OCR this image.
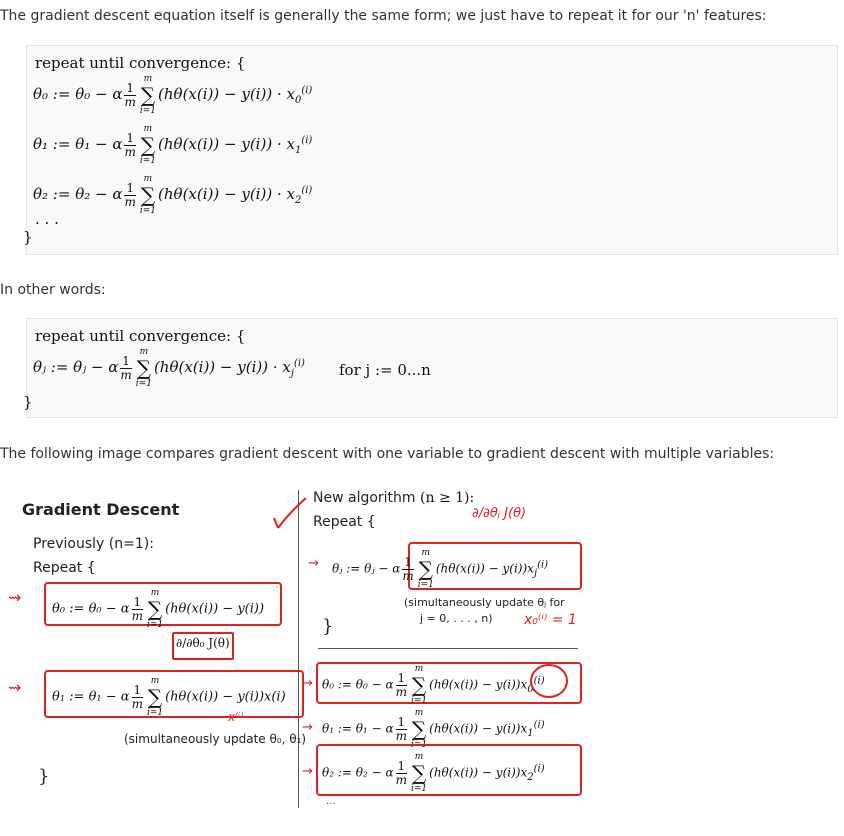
The gradient descent equation itself is generally the same form; we just have to repeat it for our 'n' features:
repeat until convergence: {
θ₀ := θ₀ − α $\frac{1}{m}$
m
∑
i=1
$(h\theta(x(i)) - y(i)) \cdot x_0^{(i)}$
θ₁ := θ₁ − α $\frac{1}{m}$
m
∑
i=1
$(h\theta(x(i)) - y(i)) \cdot x_1^{(i)}$
θ₂ := θ₂ − α $\frac{1}{m}$
m
∑
i=1
$(h\theta(x(i)) - y(i)) \cdot x_2^{(i)}$
· · ·
}
In other words:
repeat until convergence: {
θⱼ := θⱼ − α $\frac{1}{m}$
m
∑
i=1
$(h\theta(x(i)) - y(i)) \cdot x_j^{(i)}$ for j := 0...n
}
The following image compares gradient descent with one variable to gradient descent with multiple variables:
Gradient Descent
Previously (n=1):
Repeat {
⇝
θ₀ := θ₀ − α $\frac{1}{m}$
m
∑
i=1
(hθ(x(i)) − y(i))
∂/∂θ₀ J(θ)
⇝ θ₁ := θ₁ − α $\frac{1}{m}$
m
∑
i=1
(hθ(x(i)) − y(i))x(i)
x⁽ⁱ⁾
(simultaneously update θ₀, θ₁)
}
New algorithm (n ≥ 1):
Repeat {
∂/∂θⱼ J(θ)
→ θⱼ := θⱼ − α $\frac{1}{m}$
m
∑
i=1
$(h\theta(x(i)) - y(i))x_j^{(i)}$
(simultaneously update θⱼ for
j = 0, . . . , n) x₀⁽ⁱ⁾ = 1
}
→ θ₀ := θ₀ − α $\frac{1}{m}$
m
∑
i=1
$(h\theta(x(i)) - y(i))x_0^{(i)}$
→ θ₁ := θ₁ − α $\frac{1}{m}$
m
∑
i=1
$(h\theta(x(i)) - y(i))x_1^{(i)}$
→ θ₂ := θ₂ − α $\frac{1}{m}$
m
∑
i=1
$(h\theta(x(i)) - y(i))x_2^{(i)}$
...
